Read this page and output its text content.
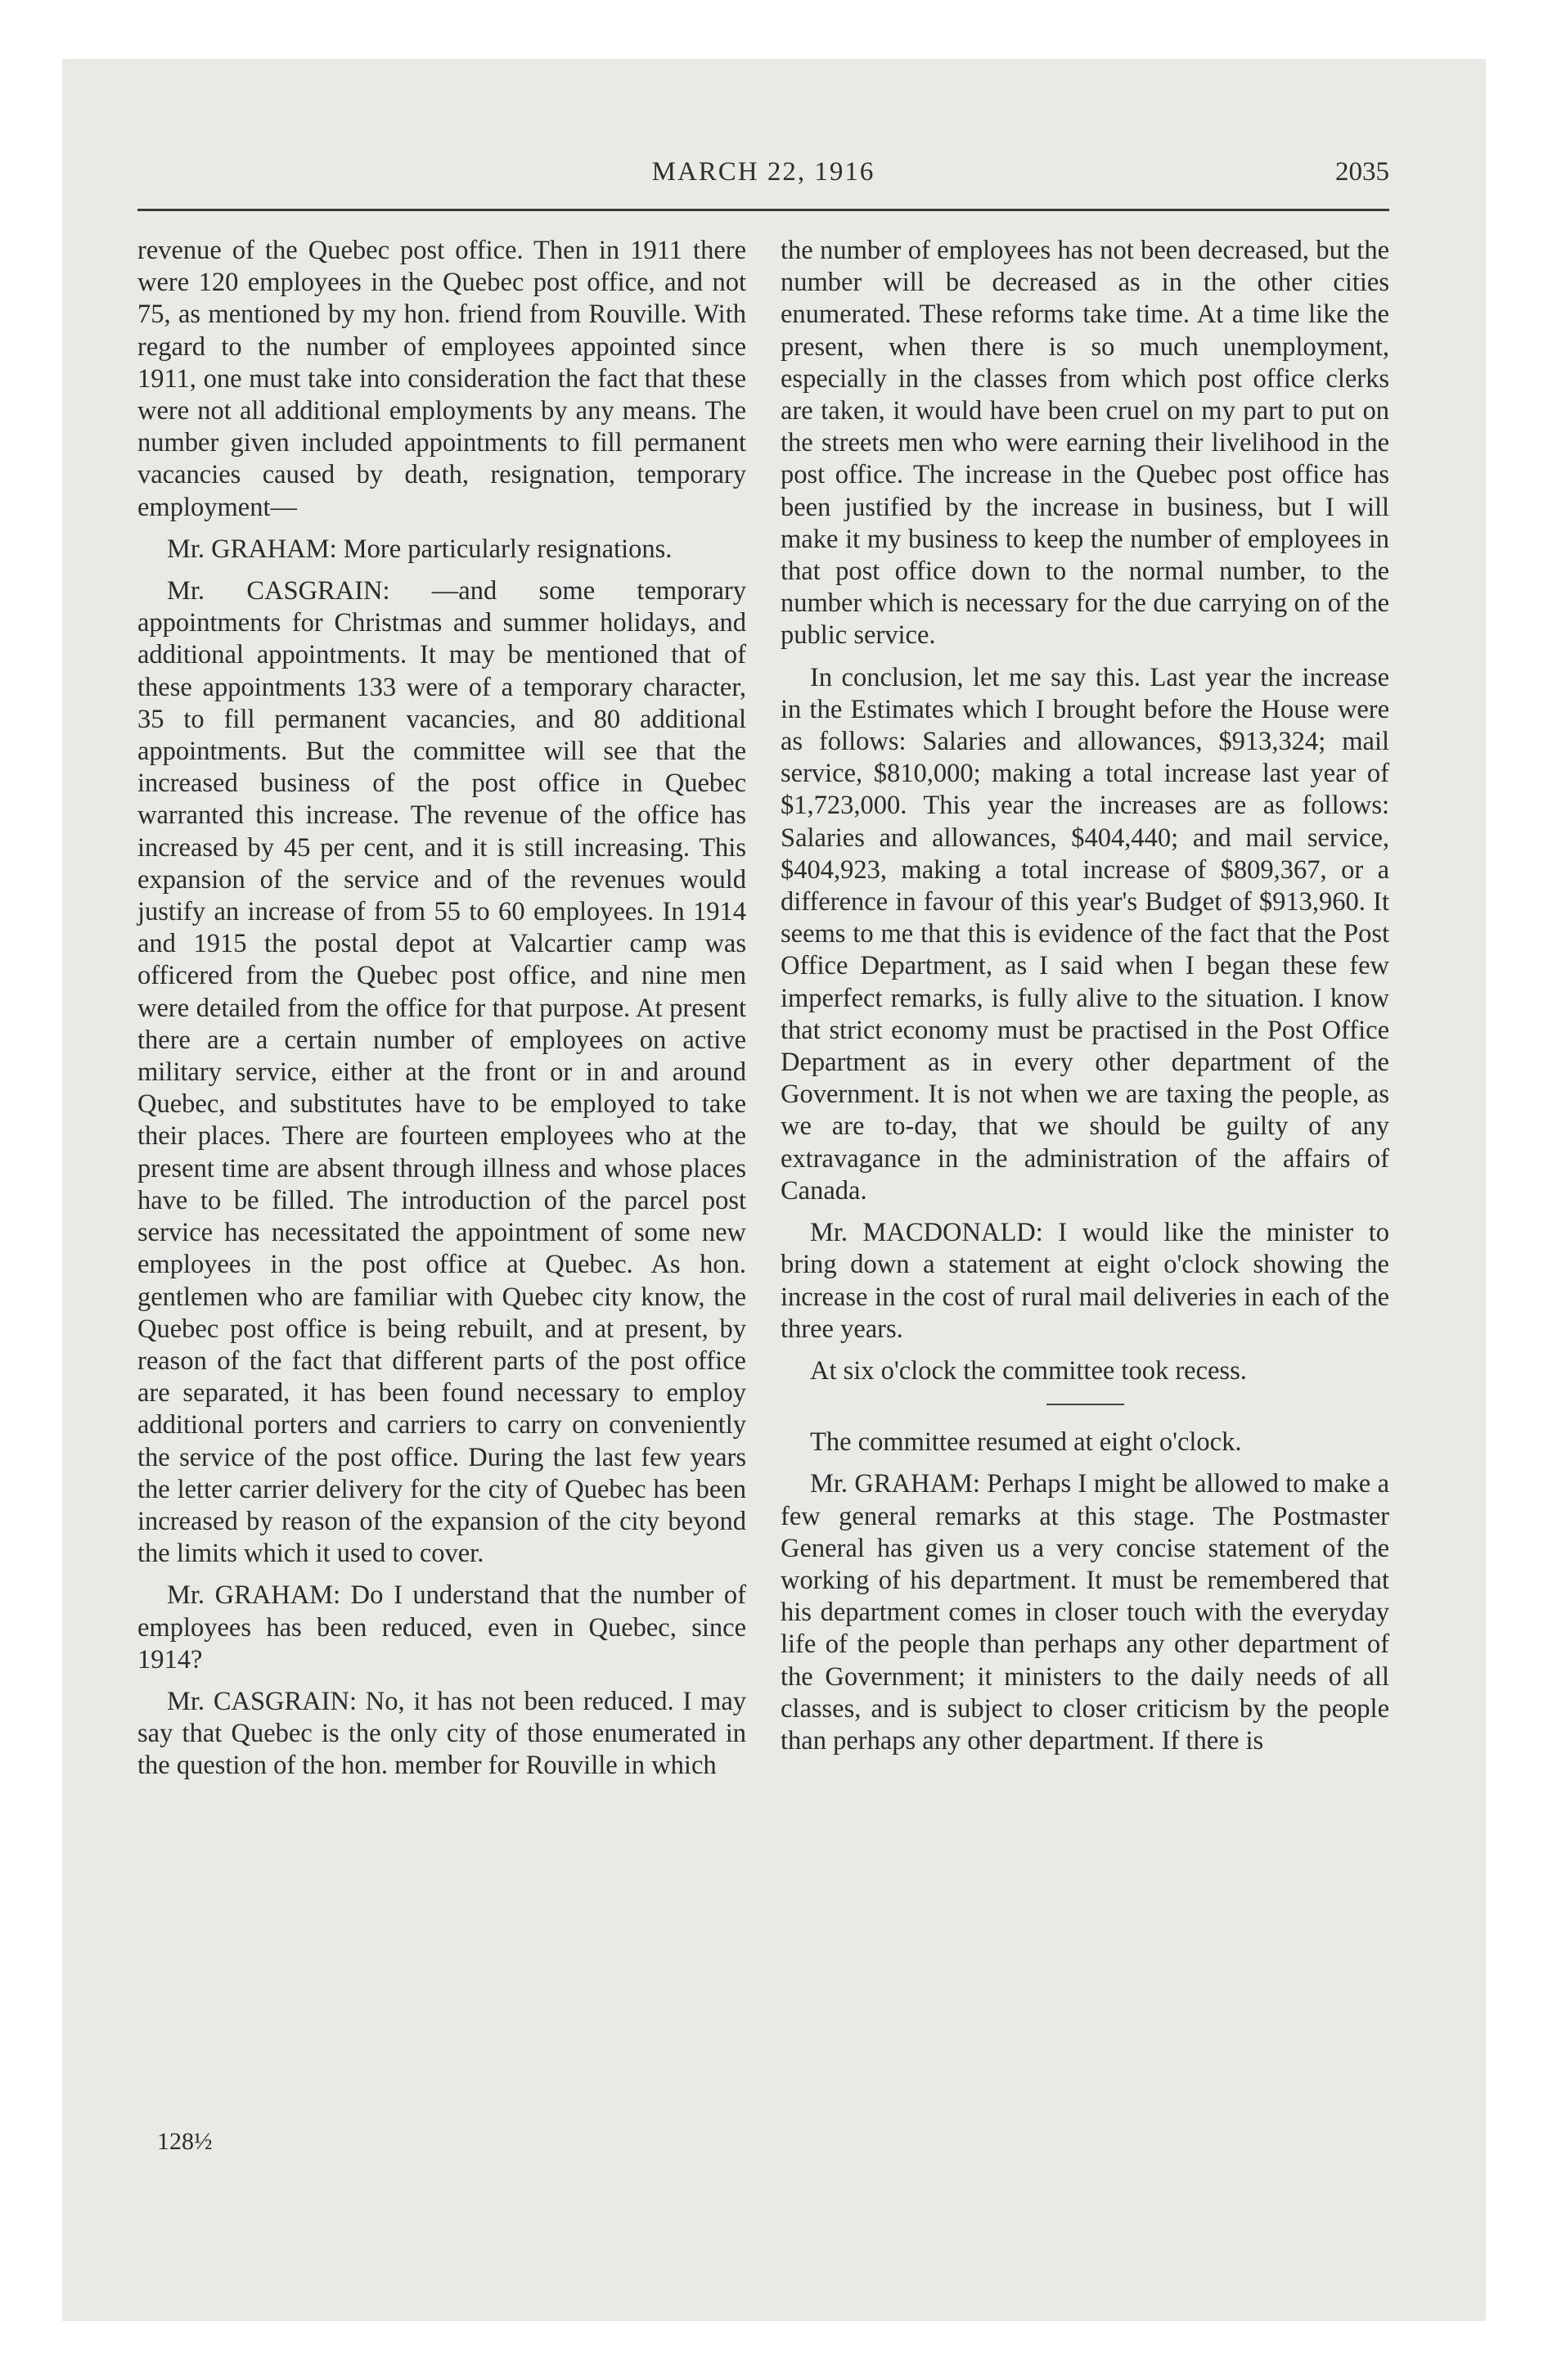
MARCH 22, 1916	2035

revenue of the Quebec post office. Then in 1911 there were 120 employees in the Quebec post office, and not 75, as mentioned by my hon. friend from Rouville. With regard to the number of employees appointed since 1911, one must take into consideration the fact that these were not all additional employments by any means. The number given included appointments to fill permanent vacancies caused by death, resignation, temporary employment—

Mr. GRAHAM: More particularly resignations.

Mr. CASGRAIN: —and some temporary appointments for Christmas and summer holidays, and additional appointments. It may be mentioned that of these appointments 133 were of a temporary character, 35 to fill permanent vacancies, and 80 additional appointments. But the committee will see that the increased business of the post office in Quebec warranted this increase. The revenue of the office has increased by 45 per cent, and it is still increasing. This expansion of the service and of the revenues would justify an increase of from 55 to 60 employees. In 1914 and 1915 the postal depot at Valcartier camp was officered from the Quebec post office, and nine men were detailed from the office for that purpose. At present there are a certain number of employees on active military service, either at the front or in and around Quebec, and substitutes have to be employed to take their places. There are fourteen employees who at the present time are absent through illness and whose places have to be filled. The introduction of the parcel post service has necessitated the appointment of some new employees in the post office at Quebec. As hon. gentlemen who are familiar with Quebec city know, the Quebec post office is being rebuilt, and at present, by reason of the fact that different parts of the post office are separated, it has been found necessary to employ additional porters and carriers to carry on conveniently the service of the post office. During the last few years the letter carrier delivery for the city of Quebec has been increased by reason of the expansion of the city beyond the limits which it used to cover.

Mr. GRAHAM: Do I understand that the number of employees has been reduced, even in Quebec, since 1914?

Mr. CASGRAIN: No, it has not been reduced. I may say that Quebec is the only city of those enumerated in the question of the hon. member for Rouville in which

the number of employees has not been decreased, but the number will be decreased as in the other cities enumerated. These reforms take time. At a time like the present, when there is so much unemployment, especially in the classes from which post office clerks are taken, it would have been cruel on my part to put on the streets men who were earning their livelihood in the post office. The increase in the Quebec post office has been justified by the increase in business, but I will make it my business to keep the number of employees in that post office down to the normal number, to the number which is necessary for the due carrying on of the public service.

In conclusion, let me say this. Last year the increase in the Estimates which I brought before the House were as follows: Salaries and allowances, $913,324; mail service, $810,000; making a total increase last year of $1,723,000. This year the increases are as follows: Salaries and allowances, $404,440; and mail service, $404,923, making a total increase of $809,367, or a difference in favour of this year's Budget of $913,960. It seems to me that this is evidence of the fact that the Post Office Department, as I said when I began these few imperfect remarks, is fully alive to the situation. I know that strict economy must be practised in the Post Office Department as in every other department of the Government. It is not when we are taxing the people, as we are to-day, that we should be guilty of any extravagance in the administration of the affairs of Canada.

Mr. MACDONALD: I would like the minister to bring down a statement at eight o'clock showing the increase in the cost of rural mail deliveries in each of the three years.

At six o'clock the committee took recess.

The committee resumed at eight o'clock.

Mr. GRAHAM: Perhaps I might be allowed to make a few general remarks at this stage. The Postmaster General has given us a very concise statement of the working of his department. It must be remembered that his department comes in closer touch with the everyday life of the people than perhaps any other department of the Government; it ministers to the daily needs of all classes, and is subject to closer criticism by the people than perhaps any other department. If there is

128½
